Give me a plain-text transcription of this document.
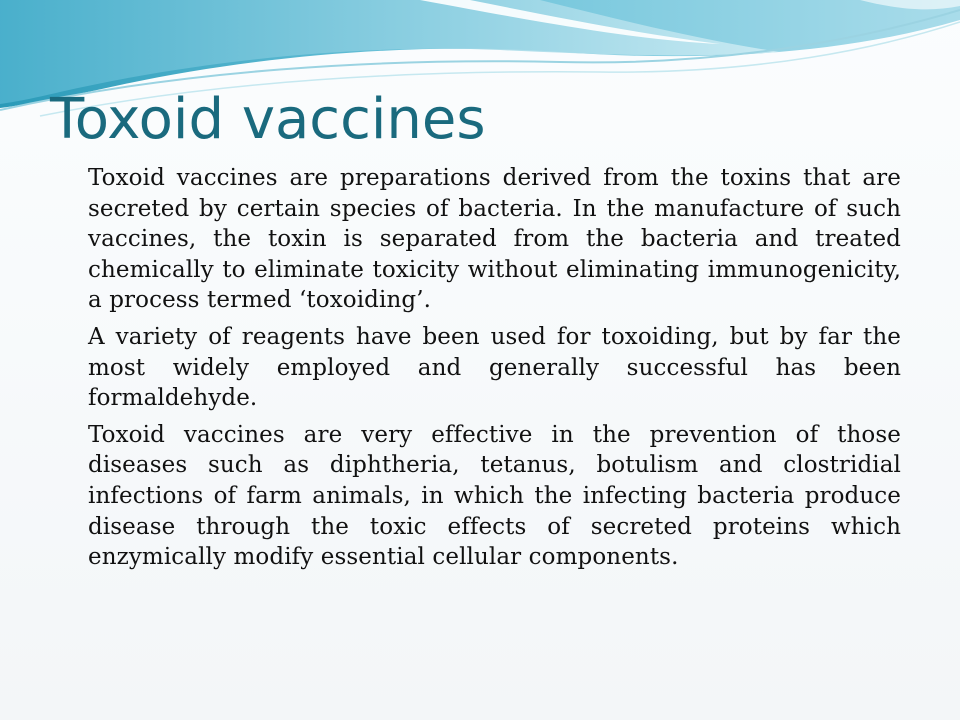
Toxoid vaccines

Toxoid vaccines are preparations derived from the toxins that are secreted by certain species of bacteria. In the manufacture of such vaccines, the toxin is separated from the bacteria and treated chemically to eliminate toxicity without eliminating immunogenicity, a process termed ‘toxoiding’.

A variety of reagents have been used for toxoiding, but by far the most widely employed and generally successful has been formaldehyde.

Toxoid vaccines are very effective in the prevention of those diseases such as diphtheria, tetanus, botulism and clostridial infections of farm animals, in which the infecting bacteria produce disease through the toxic effects of secreted proteins which enzymically modify essential cellular components.
